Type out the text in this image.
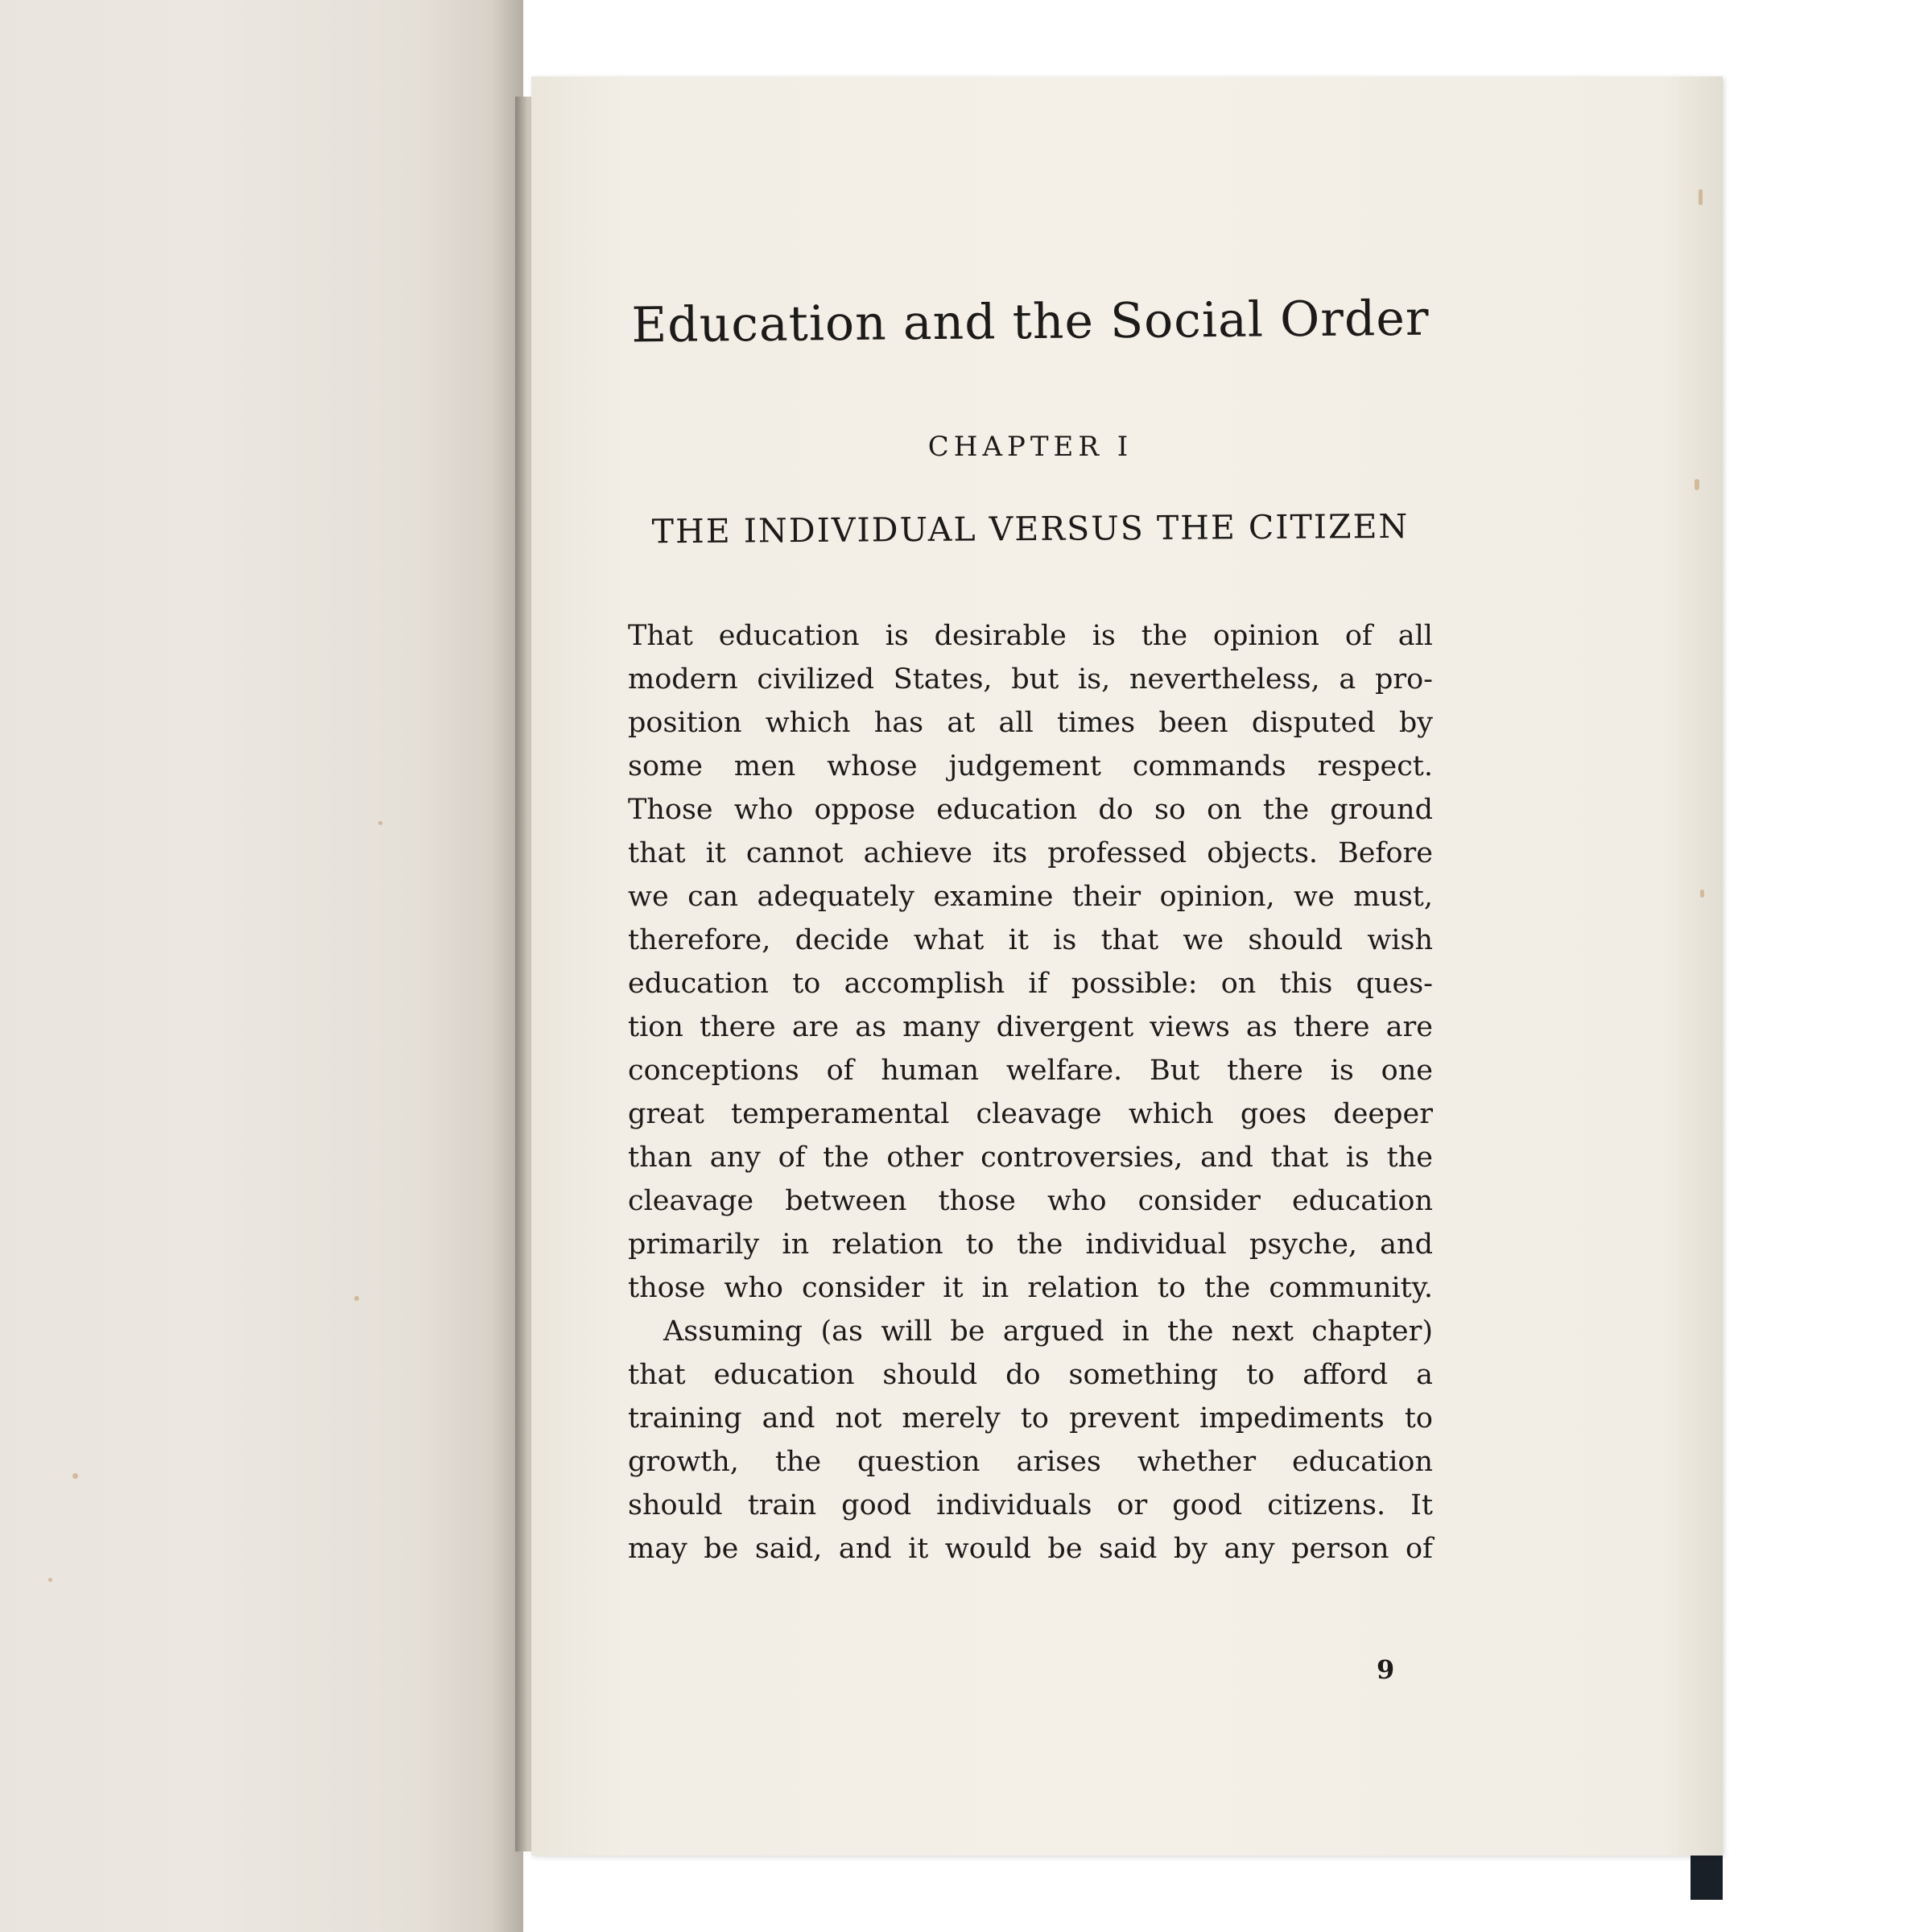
Education and the Social Order
CHAPTER I
THE INDIVIDUAL VERSUS THE CITIZEN
That education is desirable is the opinion of all
modern civilized States, but is, nevertheless, a pro-
position which has at all times been disputed by
some men whose judgement commands respect.
Those who oppose education do so on the ground
that it cannot achieve its professed objects. Before
we can adequately examine their opinion, we must,
therefore, decide what it is that we should wish
education to accomplish if possible: on this ques-
tion there are as many divergent views as there are
conceptions of human welfare. But there is one
great temperamental cleavage which goes deeper
than any of the other controversies, and that is the
cleavage between those who consider education
primarily in relation to the individual psyche, and
those who consider it in relation to the community.
Assuming (as will be argued in the next chapter)
that education should do something to afford a
training and not merely to prevent impediments to
growth, the question arises whether education
should train good individuals or good citizens. It
may be said, and it would be said by any person of
9
